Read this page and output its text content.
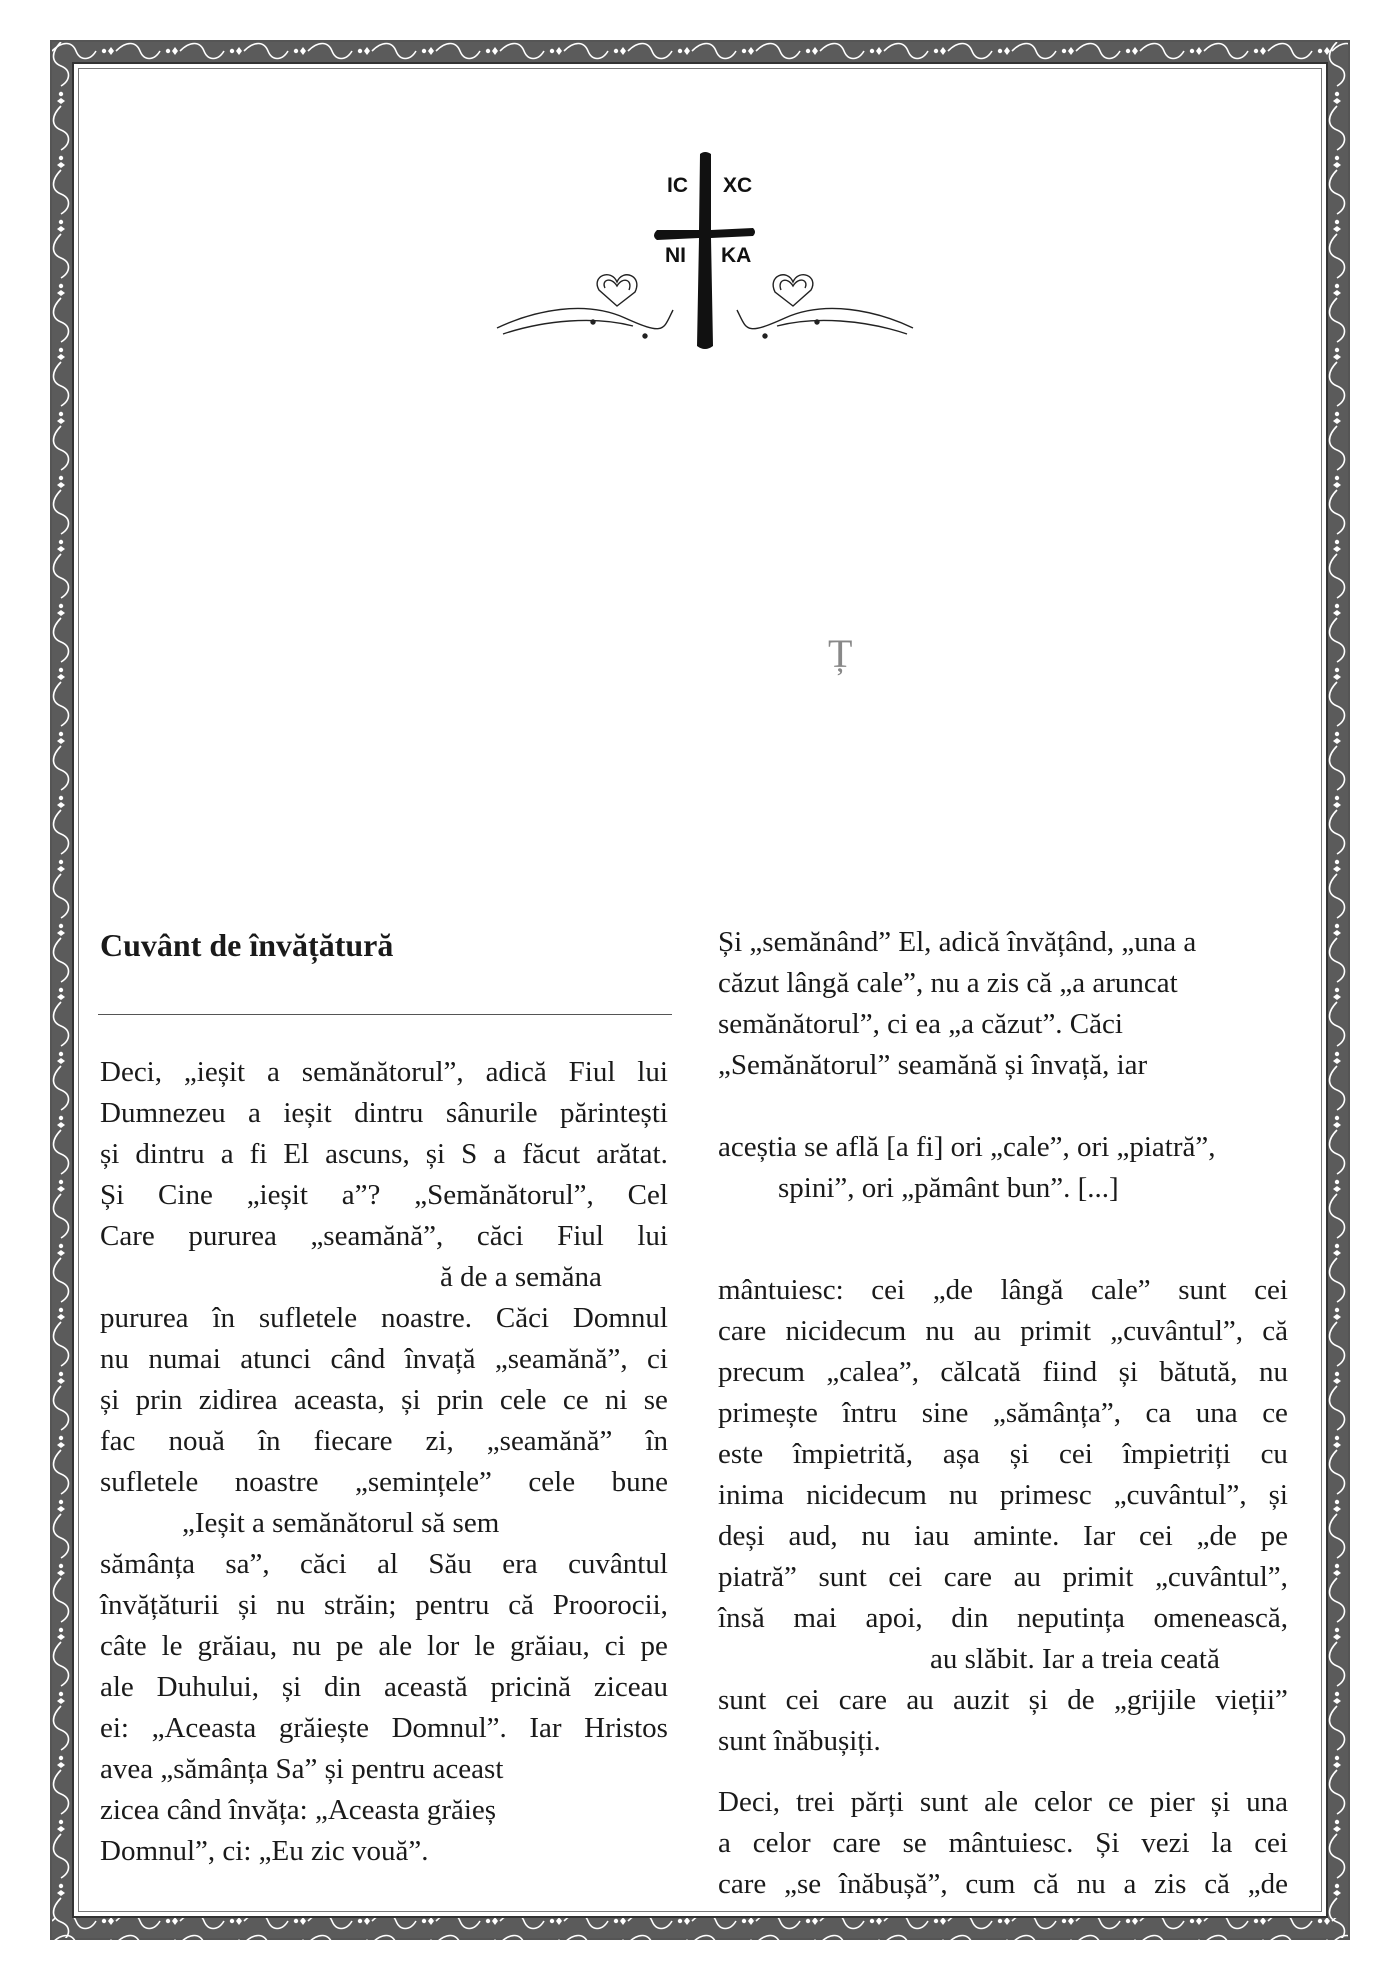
IC XC
NI KA
Ț
Cuvânt de învățătură
Deci, „ieșit a semănătorul”, adică Fiul lui
Dumnezeu a ieșit dintru sânurile părintești
și dintru a fi El ascuns, și S a făcut arătat.
Și Cine „ieșit a”? „Semănătorul”, Cel
Care pururea „seamănă”, căci Fiul lui
ă de a semăna
pururea în sufletele noastre. Căci Domnul
nu numai atunci când învață „seamănă”, ci
și prin zidirea aceasta, și prin cele ce ni se
fac nouă în fiecare zi, „seamănă” în
sufletele noastre „semințele” cele bune
„Ieșit a semănătorul să sem
sămânța sa”, căci al Său era cuvântul
învățăturii și nu străin; pentru că Proorocii,
câte le grăiau, nu pe ale lor le grăiau, ci pe
ale Duhului, și din această pricină ziceau
ei: „Aceasta grăiește Domnul”. Iar Hristos
avea „sămânța Sa” și pentru aceast
zicea când învăța: „Aceasta grăieș
Domnul”, ci: „Eu zic vouă”.
Și „semănând” El, adică învățând, „una a
căzut lângă cale”, nu a zis că „a aruncat
semănătorul”, ci ea „a căzut”. Căci
„Semănătorul” seamănă și învață, iar
aceștia se află [a fi] ori „cale”, ori „piatră”,
spini”, ori „pământ bun”. [...]
mântuiesc: cei „de lângă cale” sunt cei
care nicidecum nu au primit „cuvântul”, că
precum „calea”, călcată fiind și bătută, nu
primește întru sine „sămânța”, ca una ce
este împietrită, așa și cei împietriți cu
inima nicidecum nu primesc „cuvântul”, și
deși aud, nu iau aminte. Iar cei „de pe
piatră” sunt cei care au primit „cuvântul”,
însă mai apoi, din neputința omenească,
au slăbit. Iar a treia ceată
sunt cei care au auzit și de „grijile vieții”
sunt înăbușiți.
Deci, trei părți sunt ale celor ce pier și una
a celor care se mântuiesc. Și vezi la cei
care „se înăbușă”, cum că nu a zis că „de
